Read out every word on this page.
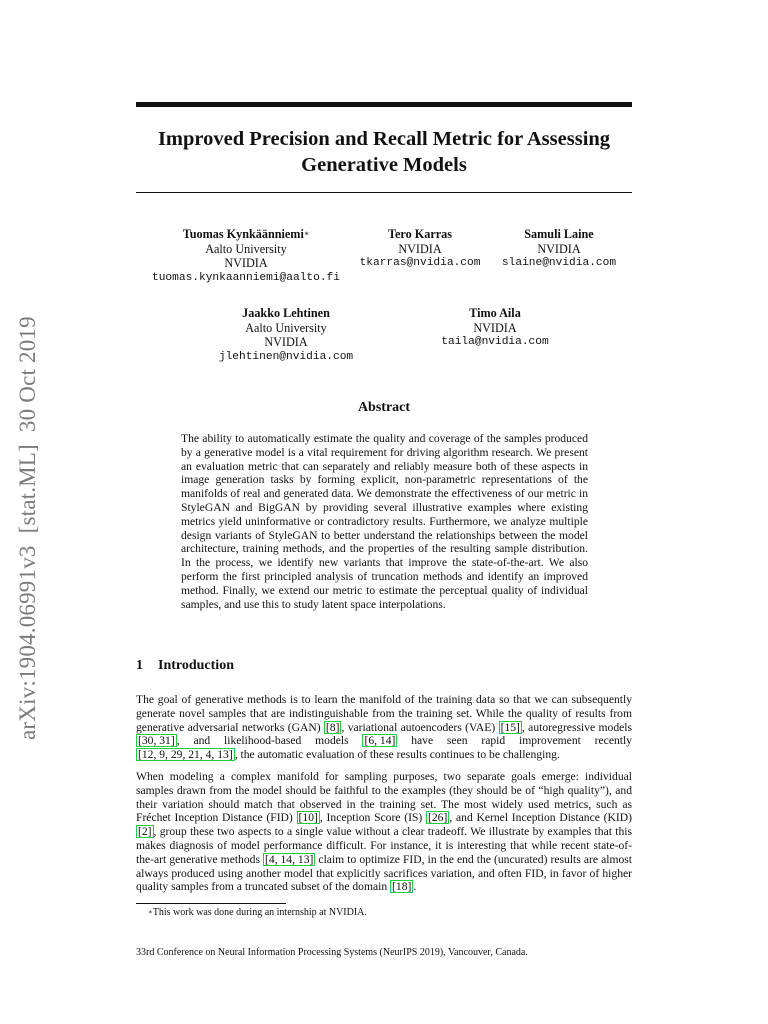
arXiv:1904.06991v3[stat.ML]30 Oct 2019
Improved Precision and Recall Metric for Assessing
Generative Models
Tuomas Kynkäänniemi∗
Aalto University
NVIDIA
tuomas.kynkaanniemi@aalto.fi
Tero Karras
NVIDIA
tkarras@nvidia.com
Samuli Laine
NVIDIA
slaine@nvidia.com
Jaakko Lehtinen
Aalto University
NVIDIA
jlehtinen@nvidia.com
Timo Aila
NVIDIA
taila@nvidia.com
Abstract
The ability to automatically estimate the quality and coverage of the samples produced by a generative model is a vital requirement for driving algorithm research. We present an evaluation metric that can separately and reliably measure both of these aspects in image generation tasks by forming explicit, non-parametric representations of the manifolds of real and generated data. We demonstrate the effectiveness of our metric in StyleGAN and BigGAN by providing several illustrative examples where existing metrics yield uninformative or contradictory results. Furthermore, we analyze multiple design variants of StyleGAN to better understand the relationships between the model architecture, training methods, and the properties of the resulting sample distribution. In the process, we identify new variants that improve the state-of-the-art. We also perform the first principled analysis of truncation methods and identify an improved method. Finally, we extend our metric to estimate the perceptual quality of individual samples, and use this to study latent space interpolations.
1 Introduction
The goal of generative methods is to learn the manifold of the training data so that we can subsequently generate novel samples that are indistinguishable from the training set. While the quality of results from generative adversarial networks (GAN) [8] , variational autoencoders (VAE) [15] , autoregressive models [30, 31] , and likelihood-based models [6, 14] have seen rapid improvement recently [12, 9, 29, 21, 4, 13] , the automatic evaluation of these results continues to be challenging.
When modeling a complex manifold for sampling purposes, two separate goals emerge: individual samples drawn from the model should be faithful to the examples (they should be of “high quality”), and their variation should match that observed in the training set. The most widely used metrics, such as Fréchet Inception Distance (FID) [10] , Inception Score (IS) [26] , and Kernel Inception Distance (KID) [2] , group these two aspects to a single value without a clear tradeoff. We illustrate by examples that this makes diagnosis of model performance difficult. For instance, it is interesting that while recent state-of-the-art generative methods [4, 14, 13] claim to optimize FID, in the end the (uncurated) results are almost always produced using another model that explicitly sacrifices variation, and often FID, in favor of higher quality samples from a truncated subset of the domain [18] .
∗This work was done during an internship at NVIDIA.
33rd Conference on Neural Information Processing Systems (NeurIPS 2019), Vancouver, Canada.
